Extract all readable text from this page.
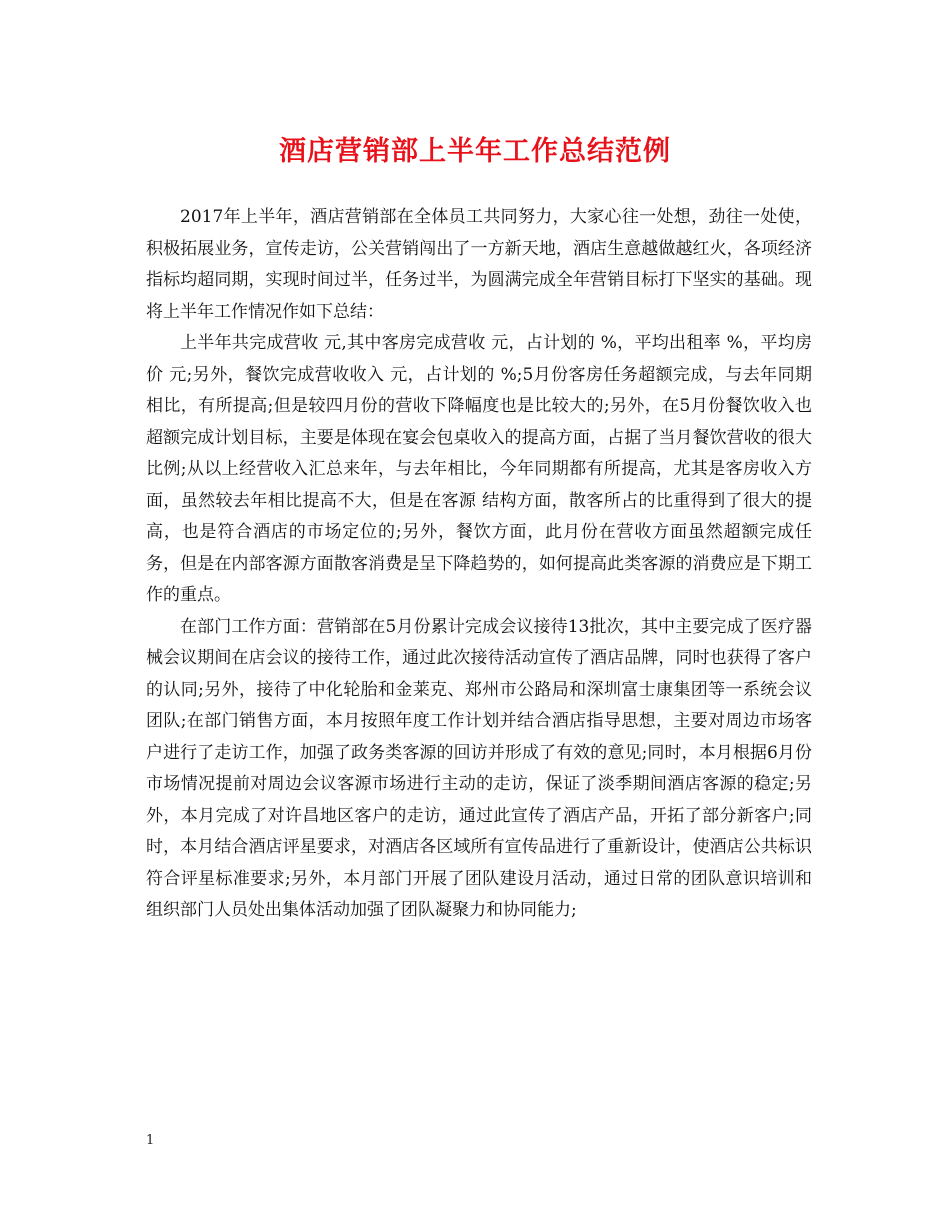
酒店营销部上半年工作总结范例

2017年上半年，酒店营销部在全体员工共同努力，大家心往一处想，劲往一处使，积极拓展业务，宣传走访，公关营销闯出了一方新天地，酒店生意越做越红火，各项经济指标均超同期，实现时间过半，任务过半，为圆满完成全年营销目标打下坚实的基础。现将上半年工作情况作如下总结：

上半年共完成营收 元,其中客房完成营收 元，占计划的 %，平均出租率 %，平均房价 元;另外，餐饮完成营收收入 元，占计划的 %;5月份客房任务超额完成，与去年同期相比，有所提高;但是较四月份的营收下降幅度也是比较大的;另外，在5月份餐饮收入也超额完成计划目标，主要是体现在宴会包桌收入的提高方面，占据了当月餐饮营收的很大比例;从以上经营收入汇总来年，与去年相比，今年同期都有所提高，尤其是客房收入方面，虽然较去年相比提高不大，但是在客源 结构方面，散客所占的比重得到了很大的提高，也是符合酒店的市场定位的;另外，餐饮方面，此月份在营收方面虽然超额完成任务，但是在内部客源方面散客消费是呈下降趋势的，如何提高此类客源的消费应是下期工作的重点。

在部门工作方面：营销部在5月份累计完成会议接待13批次，其中主要完成了医疗器械会议期间在店会议的接待工作，通过此次接待活动宣传了酒店品牌，同时也获得了客户的认同;另外，接待了中化轮胎和金莱克、郑州市公路局和深圳富士康集团等一系统会议团队;在部门销售方面，本月按照年度工作计划并结合酒店指导思想，主要对周边市场客户进行了走访工作，加强了政务类客源的回访并形成了有效的意见;同时，本月根据6月份市场情况提前对周边会议客源市场进行主动的走访，保证了淡季期间酒店客源的稳定;另外，本月完成了对许昌地区客户的走访，通过此宣传了酒店产品，开拓了部分新客户;同时，本月结合酒店评星要求，对酒店各区域所有宣传品进行了重新设计，使酒店公共标识符合评星标准要求;另外，本月部门开展了团队建设月活动，通过日常的团队意识培训和组织部门人员处出集体活动加强了团队凝聚力和协同能力;

1
